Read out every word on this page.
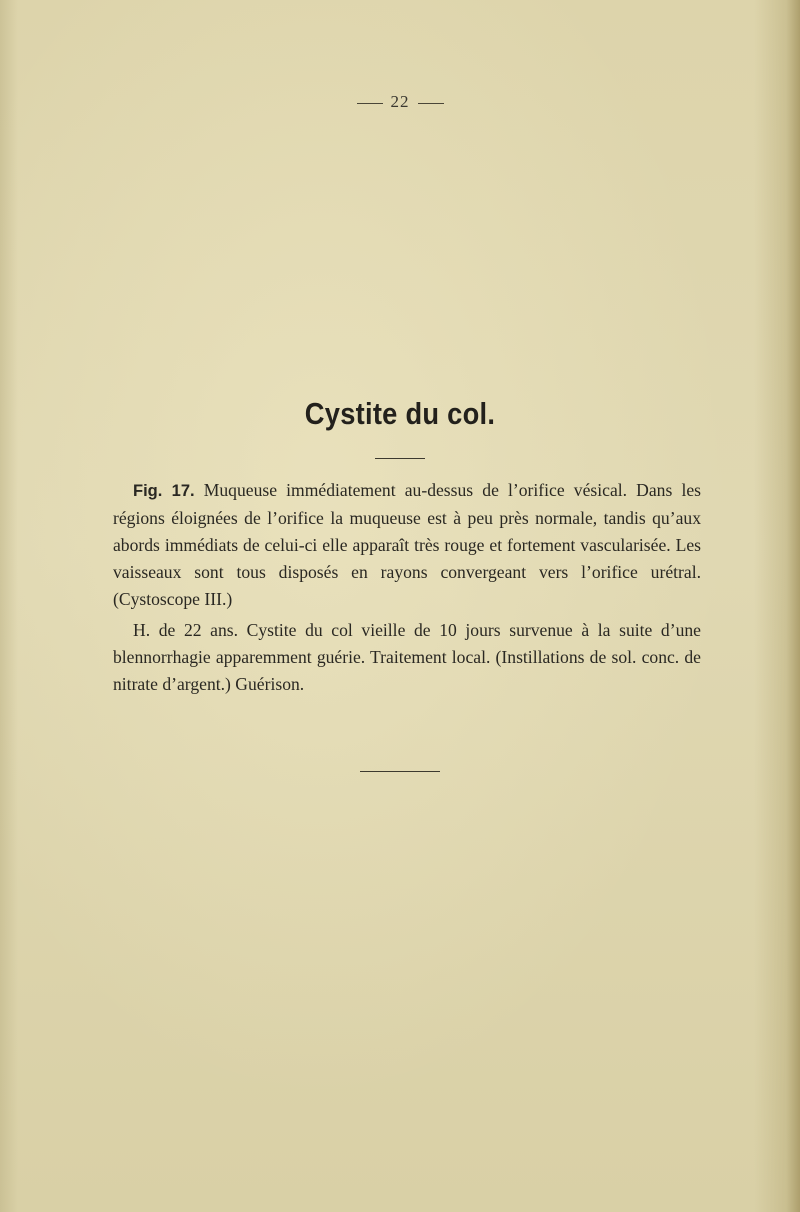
22
Cystite du col.

Fig. 17. Muqueuse immédiatement au-dessus de l’orifice vésical. Dans les régions éloignées de l’orifice la muqueuse est à peu près normale, tandis qu’aux abords immédiats de celui-ci elle apparaît très rouge et fortement vascularisée. Les vaisseaux sont tous disposés en rayons convergeant vers l’orifice urétral. (Cystoscope III.)

H. de 22 ans. Cystite du col vieille de 10 jours survenue à la suite d’une blennorrhagie apparemment guérie. Traitement local. (Instillations de sol. conc. de nitrate d’argent.) Guérison.
